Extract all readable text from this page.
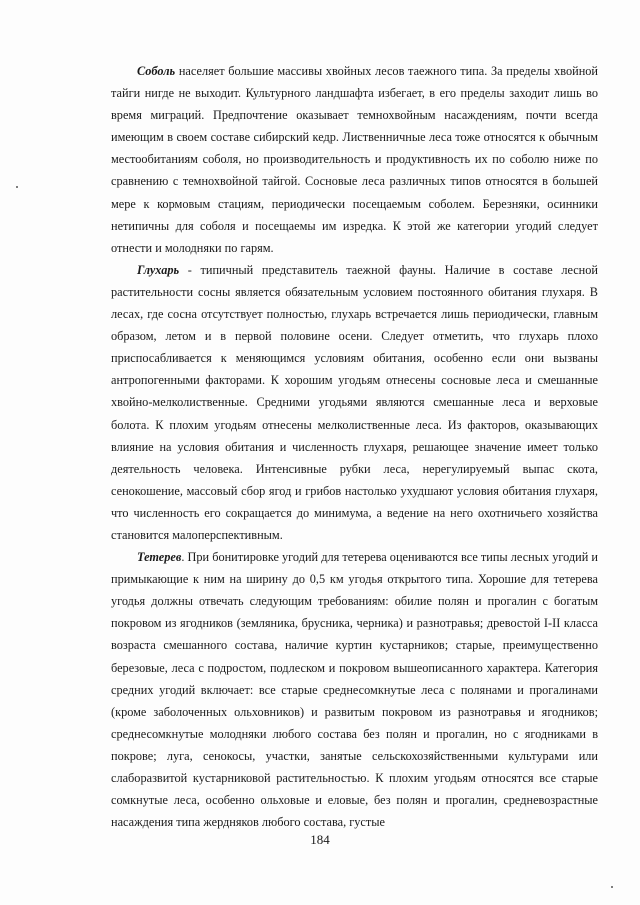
Соболь населяет большие массивы хвойных лесов таежного типа. За пределы хвойной тайги нигде не выходит. Культурного ландшафта избегает, в его пределы заходит лишь во время миграций. Предпочтение оказывает темнохвойным насаждениям, почти всегда имеющим в своем составе сибирский кедр. Лиственничные леса тоже относятся к обычным местообитаниям соболя, но производительность и продуктивность их по соболю ниже по сравнению с темнохвойной тайгой. Сосновые леса различных типов относятся в большей мере к кормовым стациям, периодически посещаемым соболем. Березняки, осинники нетипичны для соболя и посещаемы им изредка. К этой же категории угодий следует отнести и молодняки по гарям.

Глухарь - типичный представитель таежной фауны. Наличие в составе лесной растительности сосны является обязательным условием постоянного обитания глухаря. В лесах, где сосна отсутствует полностью, глухарь встречается лишь периодически, главным образом, летом и в первой половине осени. Следует отметить, что глухарь плохо приспосабливается к меняющимся условиям обитания, особенно если они вызваны антропогенными факторами. К хорошим угодьям отнесены сосновые леса и смешанные хвойно-мелколиственные. Средними угодьями являются смешанные леса и верховые болота. К плохим угодьям отнесены мелколиственные леса. Из факторов, оказывающих влияние на условия обитания и численность глухаря, решающее значение имеет только деятельность человека. Интенсивные рубки леса, нерегулируемый выпас скота, сенокошение, массовый сбор ягод и грибов настолько ухудшают условия обитания глухаря, что численность его сокращается до минимума, а ведение на него охотничьего хозяйства становится малоперспективным.

Тетерев. При бонитировке угодий для тетерева оцениваются все типы лесных угодий и примыкающие к ним на ширину до 0,5 км угодья открытого типа. Хорошие для тетерева угодья должны отвечать следующим требованиям: обилие полян и прогалин с богатым покровом из ягодников (земляника, брусника, черника) и разнотравья; древостой I-II класса возраста смешанного состава, наличие куртин кустарников; старые, преимущественно березовые, леса с подростом, подлеском и покровом вышеописанного характера. Категория средних угодий включает: все старые среднесомкнутые леса с полянами и прогалинами (кроме заболоченных ольховников) и развитым покровом из разнотравья и ягодников; среднесомкнутые молодняки любого состава без полян и прогалин, но с ягодниками в покрове; луга, сенокосы, участки, занятые сельскохозяйственными культурами или слаборазвитой кустарниковой растительностью. К плохим угодьям относятся все старые сомкнутые леса, особенно ольховые и еловые, без полян и прогалин, средневозрастные насаждения типа жердняков любого состава, густые

184
